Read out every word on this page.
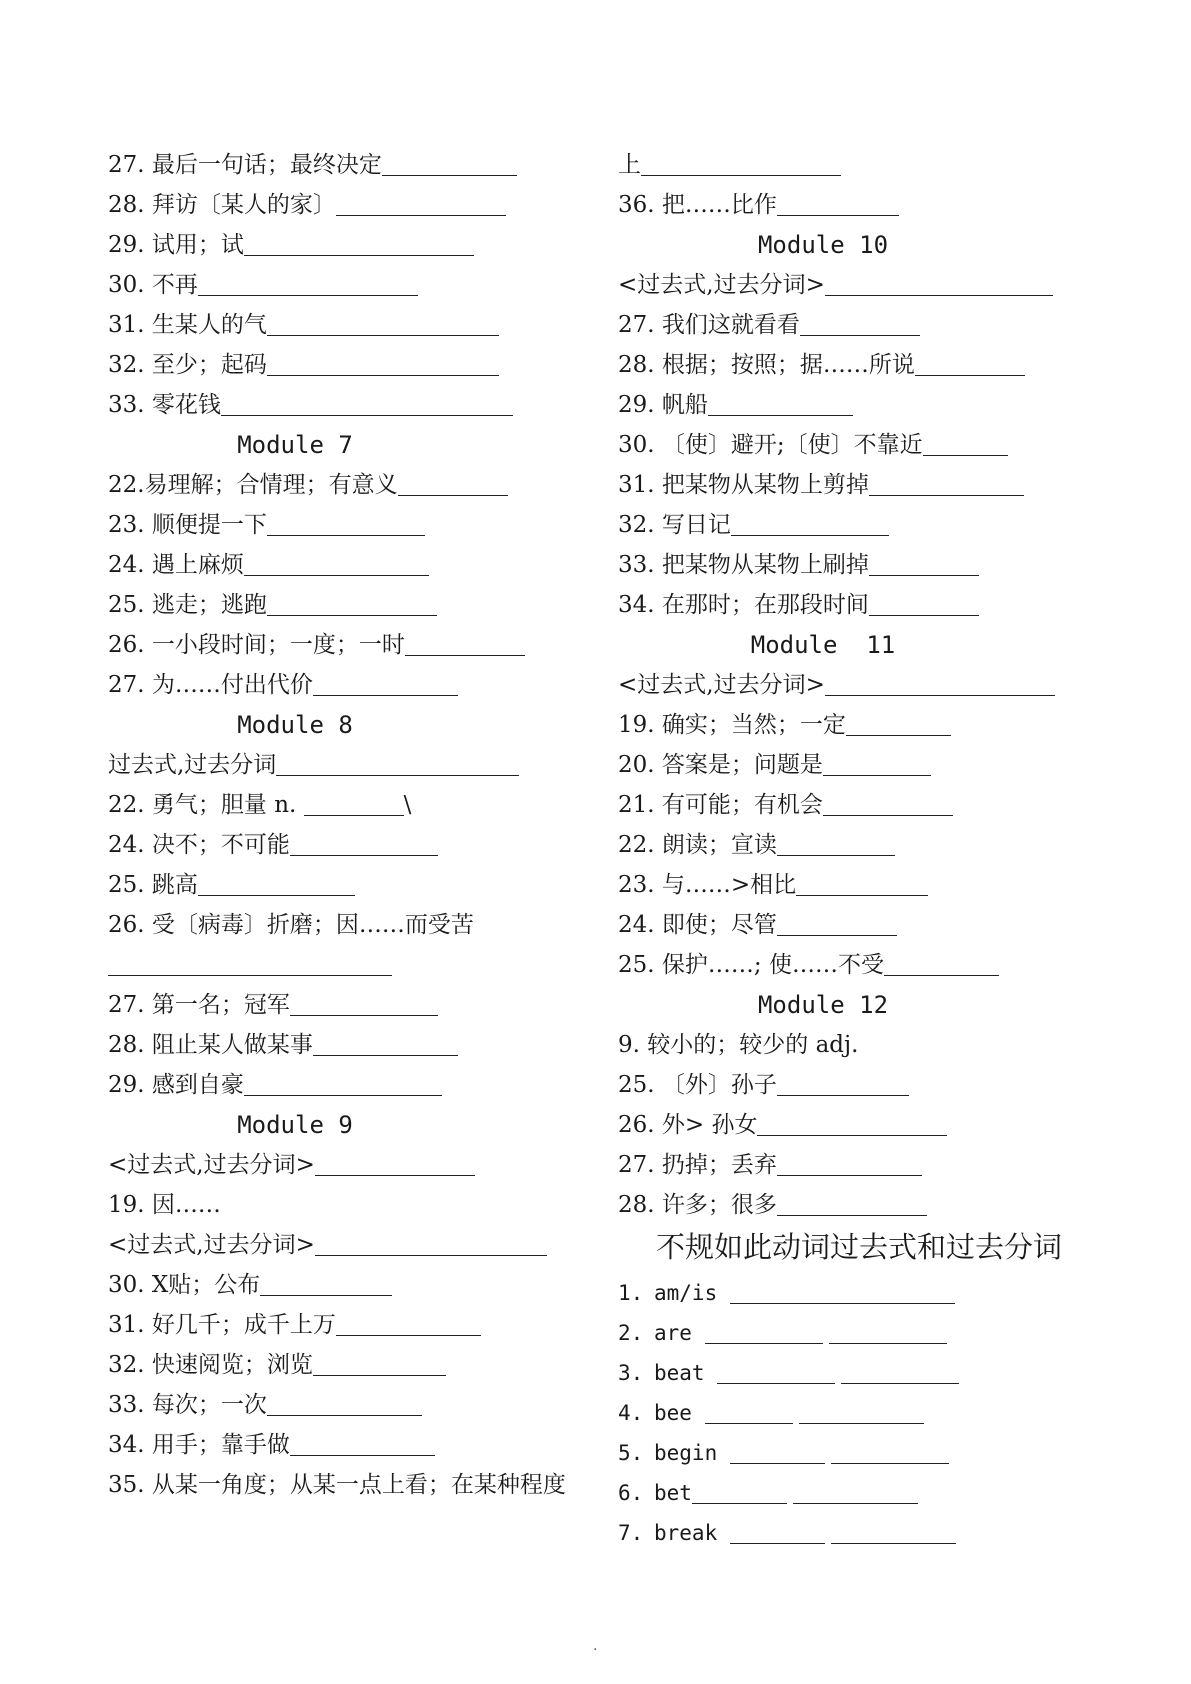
27. 最后一句话；最终决定
28. 拜访〔某人的家〕
29. 试用；试
30. 不再
31. 生某人的气
32. 至少；起码
33. 零花钱
Module 7
22.易理解；合情理；有意义
23. 顺便提一下
24. 遇上麻烦
25. 逃走；逃跑
26. 一小段时间；一度；一时
27. 为……付出代价
Module 8
过去式,过去分词
22. 勇气；胆量 n.	\
24. 决不；不可能
25. 跳高
26. 受〔病毒〕折磨；因……而受苦
27. 第一名；冠军
28. 阻止某人做某事
29. 感到自豪
Module 9
<过去式,过去分词>
19. 因……
<过去式,过去分词>
30. X贴；公布
31. 好几千；成千上万
32. 快速阅览；浏览
33. 每次；一次
34. 用手；靠手做
35. 从某一角度；从某一点上看；在某种程度
上
36. 把……比作
Module 10
<过去式,过去分词>
27. 我们这就看看
28. 根据；按照；据……所说
29. 帆船
30. 〔使〕避开;〔使〕不靠近
31. 把某物从某物上剪掉
32. 写日记
33. 把某物从某物上刷掉
34. 在那时；在那段时间
Module  11
<过去式,过去分词>
19. 确实；当然；一定
20. 答案是；问题是
21. 有可能；有机会
22. 朗读；宣读
23. 与……>相比
24. 即使；尽管
25. 保护……; 使……不受
Module 12
9. 较小的；较少的 adj.
25. 〔外〕孙子
26. 外> 孙女
27. 扔掉；丢弃
28. 许多；很多
不规如此动词过去式和过去分词
1. am/is
2. are
3. beat
4. bee
5. begin
6. bet
7. break
.
